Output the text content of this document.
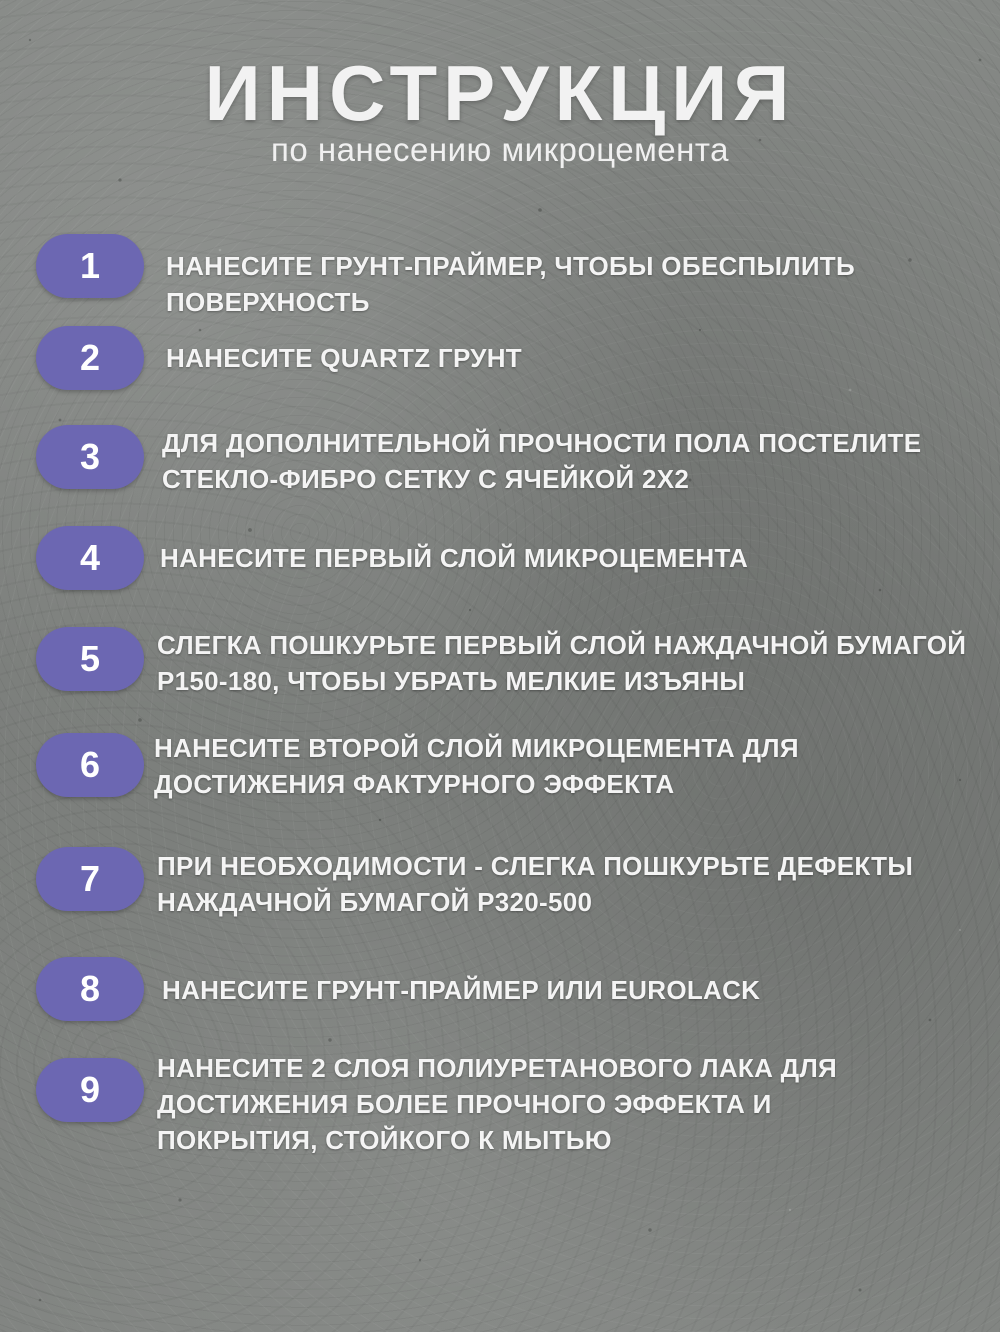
ИНСТРУКЦИЯ
по нанесению микроцемента
1	НАНЕСИТЕ ГРУНТ-ПРАЙМЕР, ЧТОБЫ ОБЕСПЫЛИТЬ ПОВЕРХНОСТЬ
2	НАНЕСИТЕ QUARTZ ГРУНТ
3	ДЛЯ ДОПОЛНИТЕЛЬНОЙ ПРОЧНОСТИ ПОЛА ПОСТЕЛИТЕ СТЕКЛО-ФИБРО СЕТКУ С ЯЧЕЙКОЙ 2Х2
4	НАНЕСИТЕ ПЕРВЫЙ СЛОЙ МИКРОЦЕМЕНТА
5	СЛЕГКА ПОШКУРЬТЕ ПЕРВЫЙ СЛОЙ НАЖДАЧНОЙ БУМАГОЙ Р150-180, ЧТОБЫ УБРАТЬ МЕЛКИЕ ИЗЪЯНЫ
6	НАНЕСИТЕ ВТОРОЙ СЛОЙ МИКРОЦЕМЕНТА ДЛЯ ДОСТИЖЕНИЯ ФАКТУРНОГО ЭФФЕКТА
7	ПРИ НЕОБХОДИМОСТИ - СЛЕГКА ПОШКУРЬТЕ ДЕФЕКТЫ НАЖДАЧНОЙ БУМАГОЙ Р320-500
8	НАНЕСИТЕ ГРУНТ-ПРАЙМЕР ИЛИ EUROLACK
9
НАНЕСИТЕ 2 СЛОЯ ПОЛИУРЕТАНОВОГО ЛАКА ДЛЯ ДОСТИЖЕНИЯ БОЛЕЕ ПРОЧНОГО ЭФФЕКТА И ПОКРЫТИЯ, СТОЙКОГО К МЫТЬЮ
